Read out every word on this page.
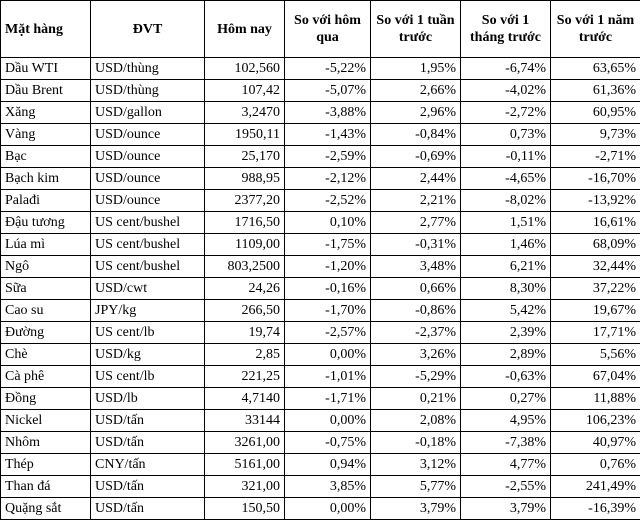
Mặt hàng	ĐVT	Hôm nay	So với hôm qua	So với 1 tuần trước	So với 1 tháng trước	So với 1 năm trước
Dầu WTI	USD/thùng	102,560	-5,22%	1,95%	-6,74%	63,65%
Dầu Brent	USD/thùng	107,42	-5,07%	2,66%	-4,02%	61,36%
Xăng	USD/gallon	3,2470	-3,88%	2,96%	-2,72%	60,95%
Vàng	USD/ounce	1950,11	-1,43%	-0,84%	0,73%	9,73%
Bạc	USD/ounce	25,170	-2,59%	-0,69%	-0,11%	-2,71%
Bạch kim	USD/ounce	988,95	-2,12%	2,44%	-4,65%	-16,70%
Palađi	USD/ounce	2377,20	-2,52%	2,21%	-8,02%	-13,92%
Đậu tương	US cent/bushel	1716,50	0,10%	2,77%	1,51%	16,61%
Lúa mì	US cent/bushel	1109,00	-1,75%	-0,31%	1,46%	68,09%
Ngô	US cent/bushel	803,2500	-1,20%	3,48%	6,21%	32,44%
Sữa	USD/cwt	24,26	-0,16%	0,66%	8,30%	37,22%
Cao su	JPY/kg	266,50	-1,70%	-0,86%	5,42%	19,67%
Đường	US cent/lb	19,74	-2,57%	-2,37%	2,39%	17,71%
Chè	USD/kg	2,85	0,00%	3,26%	2,89%	5,56%
Cà phê	US cent/lb	221,25	-1,01%	-5,29%	-0,63%	67,04%
Đồng	USD/lb	4,7140	-1,71%	0,21%	0,27%	11,88%
Nickel	USD/tấn	33144	0,00%	2,08%	4,95%	106,23%
Nhôm	USD/tấn	3261,00	-0,75%	-0,18%	-7,38%	40,97%
Thép	CNY/tấn	5161,00	0,94%	3,12%	4,77%	0,76%
Than đá	USD/tấn	321,00	3,85%	5,77%	-2,55%	241,49%
Quặng sắt	USD/tấn	150,50	0,00%	3,79%	3,79%	-16,39%
